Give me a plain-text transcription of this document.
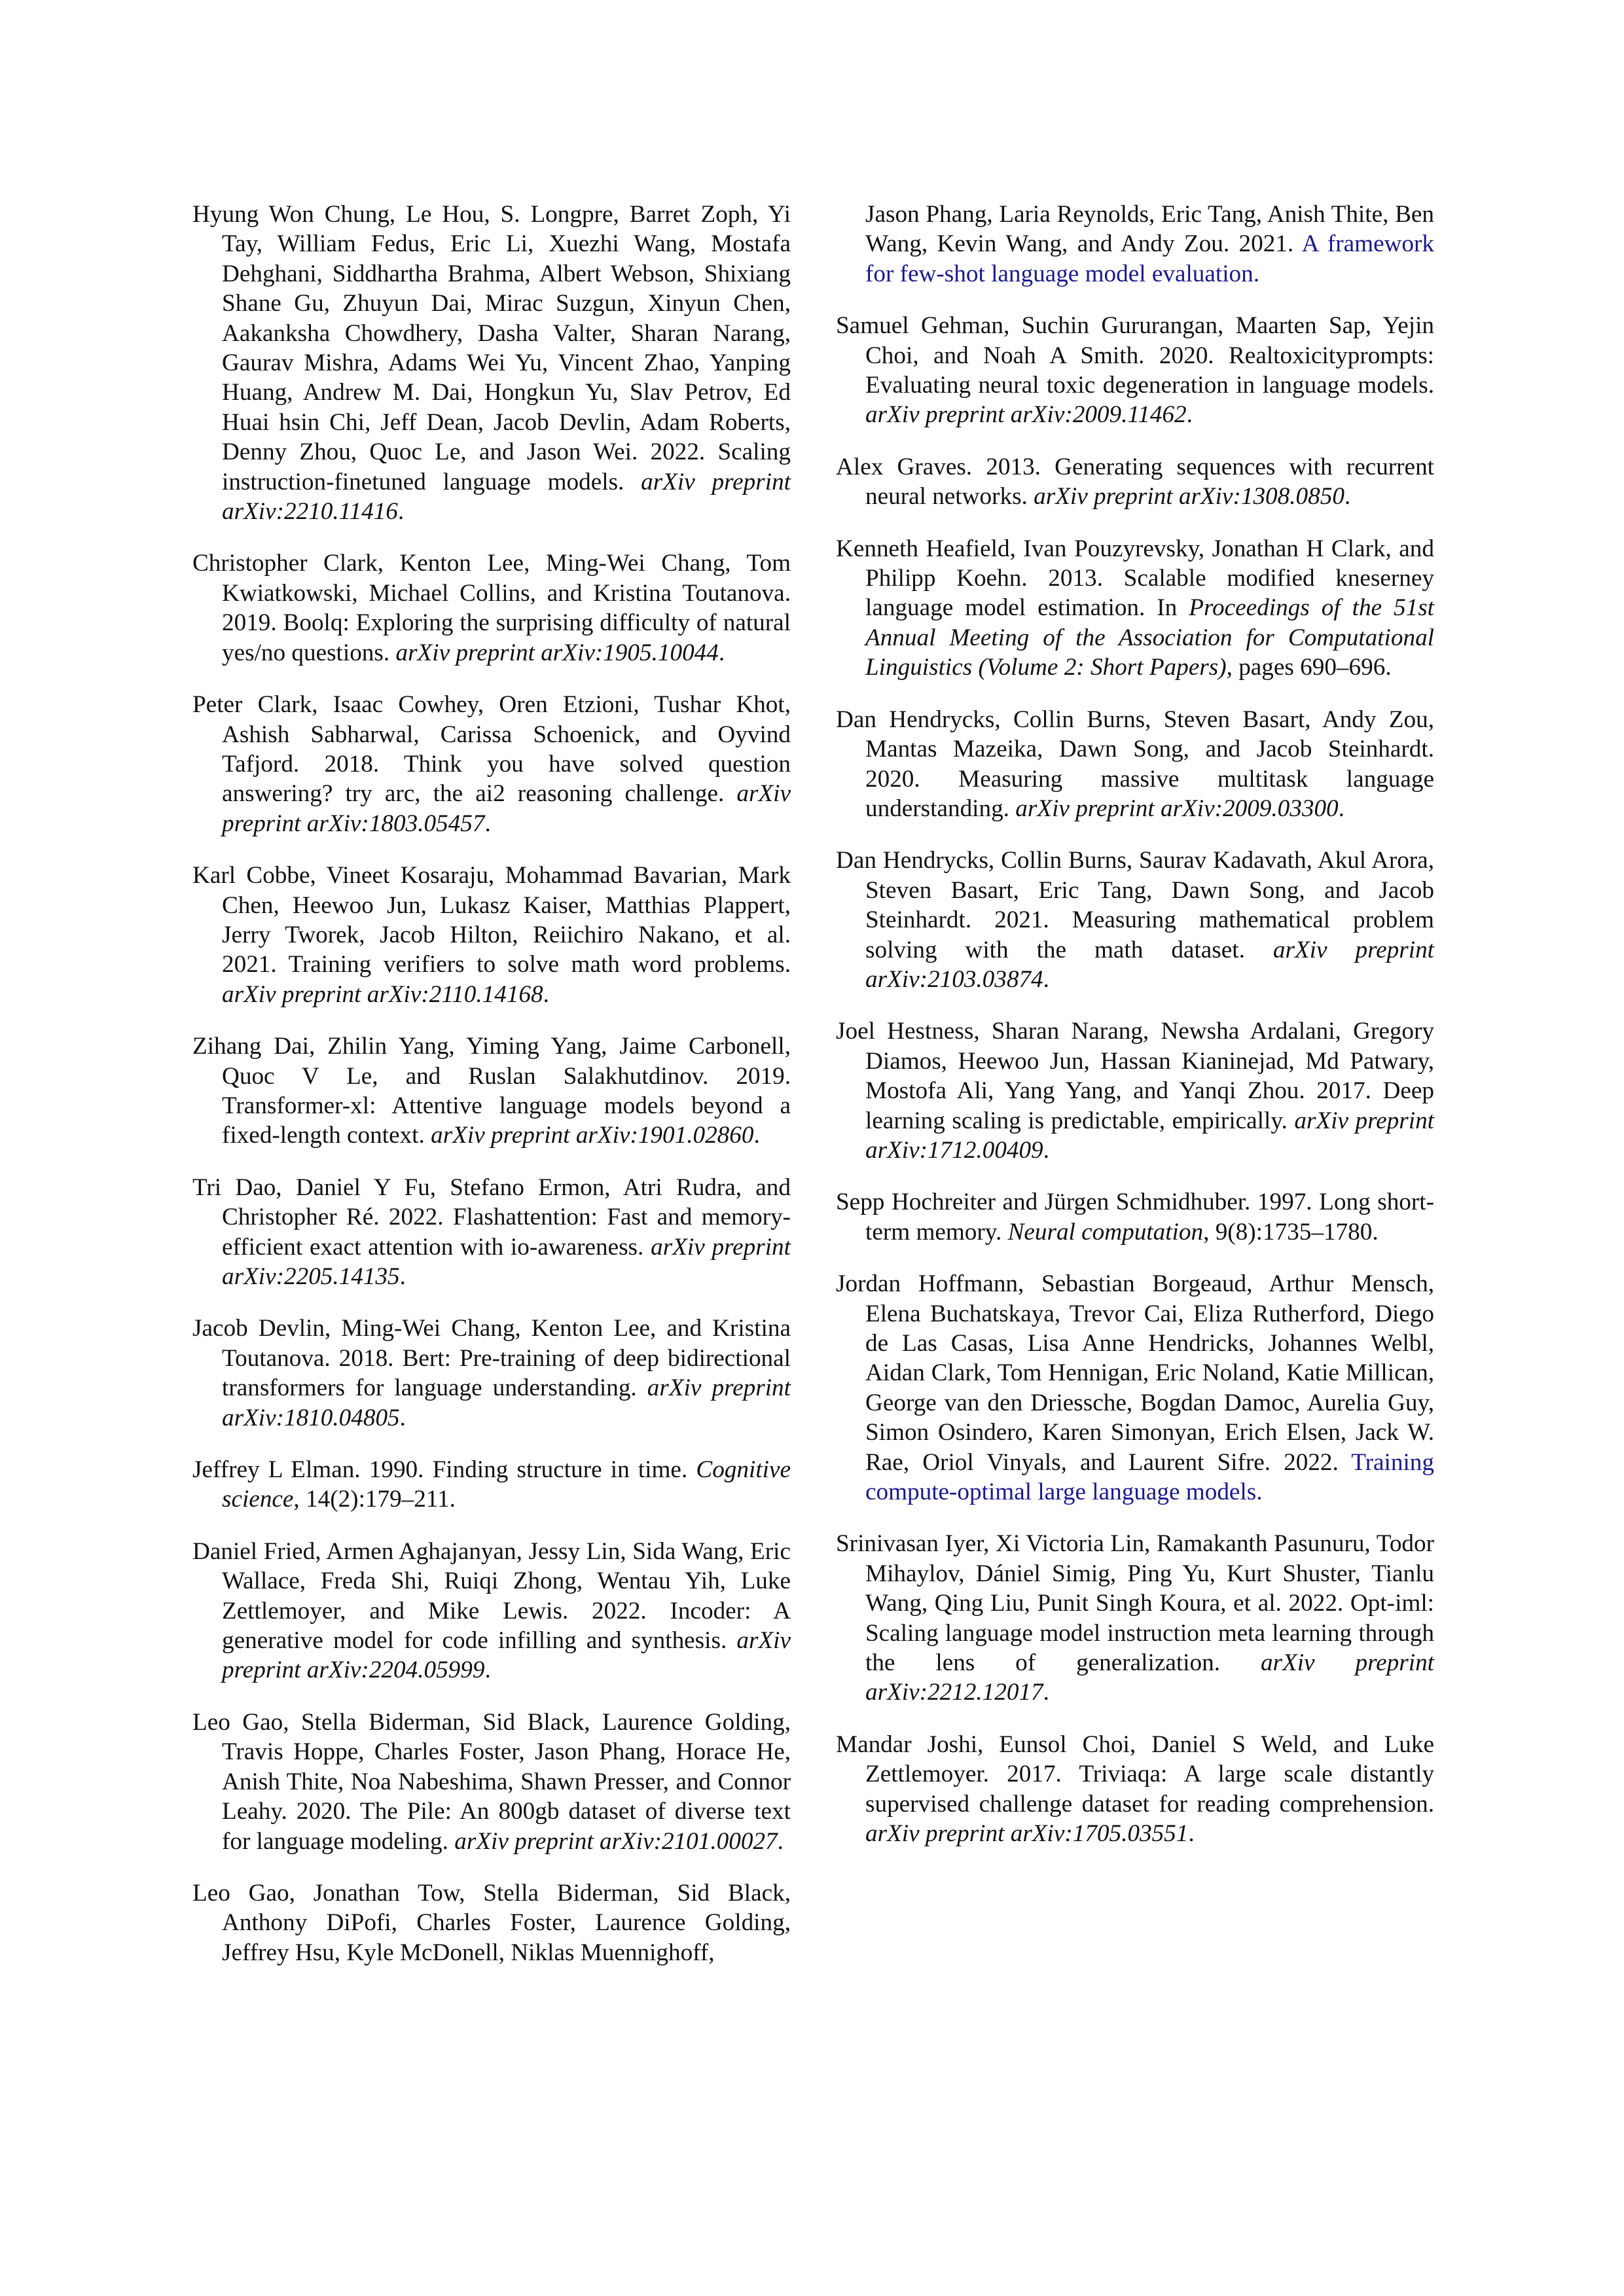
Hyung Won Chung, Le Hou, S. Longpre, Barret Zoph, Yi Tay, William Fedus, Eric Li, Xuezhi Wang, Mostafa Dehghani, Siddhartha Brahma, Albert Webson, Shixiang Shane Gu, Zhuyun Dai, Mirac Suzgun, Xinyun Chen, Aakanksha Chowdhery, Dasha Valter, Sharan Narang, Gaurav Mishra, Adams Wei Yu, Vincent Zhao, Yanping Huang, Andrew M. Dai, Hongkun Yu, Slav Petrov, Ed Huai hsin Chi, Jeff Dean, Jacob Devlin, Adam Roberts, Denny Zhou, Quoc Le, and Jason Wei. 2022. Scaling instruction-finetuned language models. arXiv preprint arXiv:2210.11416.

Christopher Clark, Kenton Lee, Ming-Wei Chang, Tom Kwiatkowski, Michael Collins, and Kristina Toutanova. 2019. Boolq: Exploring the surprising difficulty of natural yes/no questions. arXiv preprint arXiv:1905.10044.

Peter Clark, Isaac Cowhey, Oren Etzioni, Tushar Khot, Ashish Sabharwal, Carissa Schoenick, and Oyvind Tafjord. 2018. Think you have solved question answering? try arc, the ai2 reasoning challenge. arXiv preprint arXiv:1803.05457.

Karl Cobbe, Vineet Kosaraju, Mohammad Bavarian, Mark Chen, Heewoo Jun, Lukasz Kaiser, Matthias Plappert, Jerry Tworek, Jacob Hilton, Reiichiro Nakano, et al. 2021. Training verifiers to solve math word problems. arXiv preprint arXiv:2110.14168.

Zihang Dai, Zhilin Yang, Yiming Yang, Jaime Carbonell, Quoc V Le, and Ruslan Salakhutdinov. 2019. Transformer-xl: Attentive language models beyond a fixed-length context. arXiv preprint arXiv:1901.02860.

Tri Dao, Daniel Y Fu, Stefano Ermon, Atri Rudra, and Christopher Ré. 2022. Flashattention: Fast and memory-efficient exact attention with io-awareness. arXiv preprint arXiv:2205.14135.

Jacob Devlin, Ming-Wei Chang, Kenton Lee, and Kristina Toutanova. 2018. Bert: Pre-training of deep bidirectional transformers for language understanding. arXiv preprint arXiv:1810.04805.

Jeffrey L Elman. 1990. Finding structure in time. Cognitive science, 14(2):179–211.

Daniel Fried, Armen Aghajanyan, Jessy Lin, Sida Wang, Eric Wallace, Freda Shi, Ruiqi Zhong, Wentau Yih, Luke Zettlemoyer, and Mike Lewis. 2022. Incoder: A generative model for code infilling and synthesis. arXiv preprint arXiv:2204.05999.

Leo Gao, Stella Biderman, Sid Black, Laurence Golding, Travis Hoppe, Charles Foster, Jason Phang, Horace He, Anish Thite, Noa Nabeshima, Shawn Presser, and Connor Leahy. 2020. The Pile: An 800gb dataset of diverse text for language modeling. arXiv preprint arXiv:2101.00027.

Leo Gao, Jonathan Tow, Stella Biderman, Sid Black, Anthony DiPofi, Charles Foster, Laurence Golding, Jeffrey Hsu, Kyle McDonell, Niklas Muennighoff,

Jason Phang, Laria Reynolds, Eric Tang, Anish Thite, Ben Wang, Kevin Wang, and Andy Zou. 2021. A framework for few-shot language model evaluation.

Samuel Gehman, Suchin Gururangan, Maarten Sap, Yejin Choi, and Noah A Smith. 2020. Realtoxicityprompts: Evaluating neural toxic degeneration in language models. arXiv preprint arXiv:2009.11462.

Alex Graves. 2013. Generating sequences with recurrent neural networks. arXiv preprint arXiv:1308.0850.

Kenneth Heafield, Ivan Pouzyrevsky, Jonathan H Clark, and Philipp Koehn. 2013. Scalable modified kneserney language model estimation. In Proceedings of the 51st Annual Meeting of the Association for Computational Linguistics (Volume 2: Short Papers), pages 690–696.

Dan Hendrycks, Collin Burns, Steven Basart, Andy Zou, Mantas Mazeika, Dawn Song, and Jacob Steinhardt. 2020. Measuring massive multitask language understanding. arXiv preprint arXiv:2009.03300.

Dan Hendrycks, Collin Burns, Saurav Kadavath, Akul Arora, Steven Basart, Eric Tang, Dawn Song, and Jacob Steinhardt. 2021. Measuring mathematical problem solving with the math dataset. arXiv preprint arXiv:2103.03874.

Joel Hestness, Sharan Narang, Newsha Ardalani, Gregory Diamos, Heewoo Jun, Hassan Kianinejad, Md Patwary, Mostofa Ali, Yang Yang, and Yanqi Zhou. 2017. Deep learning scaling is predictable, empirically. arXiv preprint arXiv:1712.00409.

Sepp Hochreiter and Jürgen Schmidhuber. 1997. Long short-term memory. Neural computation, 9(8):1735–1780.

Jordan Hoffmann, Sebastian Borgeaud, Arthur Mensch, Elena Buchatskaya, Trevor Cai, Eliza Rutherford, Diego de Las Casas, Lisa Anne Hendricks, Johannes Welbl, Aidan Clark, Tom Hennigan, Eric Noland, Katie Millican, George van den Driessche, Bogdan Damoc, Aurelia Guy, Simon Osindero, Karen Simonyan, Erich Elsen, Jack W. Rae, Oriol Vinyals, and Laurent Sifre. 2022. Training compute-optimal large language models.

Srinivasan Iyer, Xi Victoria Lin, Ramakanth Pasunuru, Todor Mihaylov, Dániel Simig, Ping Yu, Kurt Shuster, Tianlu Wang, Qing Liu, Punit Singh Koura, et al. 2022. Opt-iml: Scaling language model instruction meta learning through the lens of generalization. arXiv preprint arXiv:2212.12017.

Mandar Joshi, Eunsol Choi, Daniel S Weld, and Luke Zettlemoyer. 2017. Triviaqa: A large scale distantly supervised challenge dataset for reading comprehension. arXiv preprint arXiv:1705.03551.
